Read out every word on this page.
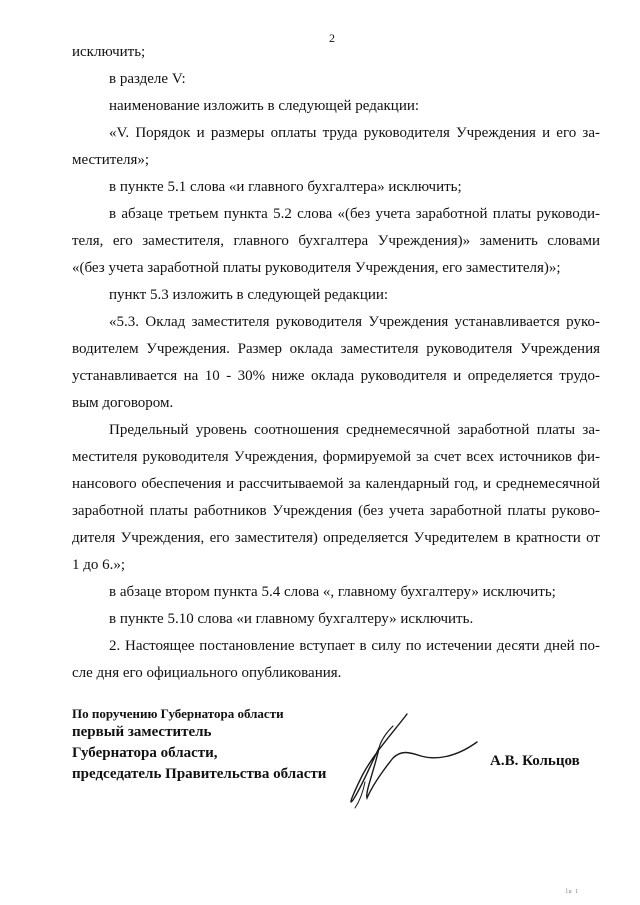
2
исключить;
в разделе V:
наименование изложить в следующей редакции:
«V. Порядок и размеры оплаты труда руководителя Учреждения и его за-
местителя»;
в пункте 5.1 слова «и главного бухгалтера» исключить;
в абзаце третьем пункта 5.2 слова «(без учета заработной платы руководи-
теля, его заместителя, главного бухгалтера Учреждения)» заменить словами
«(без учета заработной платы руководителя Учреждения, его заместителя)»;
пункт 5.3 изложить в следующей редакции:
«5.3. Оклад заместителя руководителя Учреждения устанавливается руко-
водителем Учреждения. Размер оклада заместителя руководителя Учреждения
устанавливается на 10 - 30% ниже оклада руководителя и определяется трудо-
вым договором.
Предельный уровень соотношения среднемесячной заработной платы за-
местителя руководителя Учреждения, формируемой за счет всех источников фи-
нансового обеспечения и рассчитываемой за календарный год, и среднемесячной
заработной платы работников Учреждения (без учета заработной платы руково-
дителя Учреждения, его заместителя) определяется Учредителем в кратности от
1 до 6.»;
в абзаце втором пункта 5.4 слова «, главному бухгалтеру» исключить;
в пункте 5.10 слова «и главному бухгалтеру» исключить.
2. Настоящее постановление вступает в силу по истечении десяти дней по-
сле дня его официального опубликования.
По поручению Губернатора области
первый заместитель
Губернатора области,
председатель Правительства области
А.В. Кольцов
lu 1
